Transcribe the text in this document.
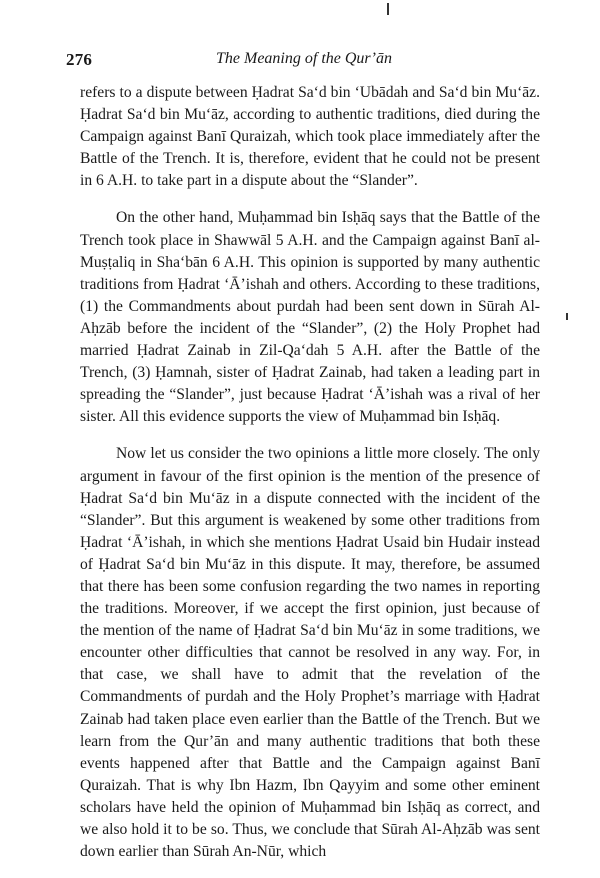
276	The Meaning of the Qurʼān

refers to a dispute between Ḥadrat Sa‘d bin ‘Ubādah and Sa‘d bin Mu‘āz. Ḥadrat Sa‘d bin Mu‘āz, according to authentic traditions, died during the Campaign against Banī Quraizah, which took place immediately after the Battle of the Trench. It is, therefore, evident that he could not be present in 6 A.H. to take part in a dispute about the “Slander”.

On the other hand, Muḥammad bin Isḥāq says that the Battle of the Trench took place in Shawwāl 5 A.H. and the Campaign against Banī al-Muṣṭaliq in Sha‘bān 6 A.H. This opinion is supported by many authentic traditions from Ḥadrat ‘Ā’ishah and others. According to these traditions, (1) the Commandments about purdah had been sent down in Sūrah Al-Aḥzāb before the incident of the “Slander”, (2) the Holy Prophet had married Ḥadrat Zainab in Zil-Qa‘dah 5 A.H. after the Battle of the Trench, (3) Ḥamnah, sister of Ḥadrat Zainab, had taken a leading part in spreading the “Slander”, just because Ḥadrat ‘Ā’ishah was a rival of her sister. All this evidence supports the view of Muḥammad bin Isḥāq.

Now let us consider the two opinions a little more closely. The only argument in favour of the first opinion is the mention of the presence of Ḥadrat Sa‘d bin Mu‘āz in a dispute connected with the incident of the “Slander”. But this argument is weakened by some other traditions from Ḥadrat ‘Ā’ishah, in which she mentions Ḥadrat Usaid bin Hudair instead of Ḥadrat Sa‘d bin Mu‘āz in this dispute. It may, therefore, be assumed that there has been some confusion regarding the two names in reporting the traditions. Moreover, if we accept the first opinion, just because of the mention of the name of Ḥadrat Sa‘d bin Mu‘āz in some traditions, we encounter other difficulties that cannot be resolved in any way. For, in that case, we shall have to admit that the revelation of the Commandments of purdah and the Holy Prophet’s marriage with Ḥadrat Zainab had taken place even earlier than the Battle of the Trench. But we learn from the Qur’ān and many authentic traditions that both these events happened after that Battle and the Campaign against Banī Quraizah. That is why Ibn Hazm, Ibn Qayyim and some other eminent scholars have held the opinion of Muḥammad bin Isḥāq as correct, and we also hold it to be so. Thus, we conclude that Sūrah Al-Aḥzāb was sent down earlier than Sūrah An-Nūr, which
